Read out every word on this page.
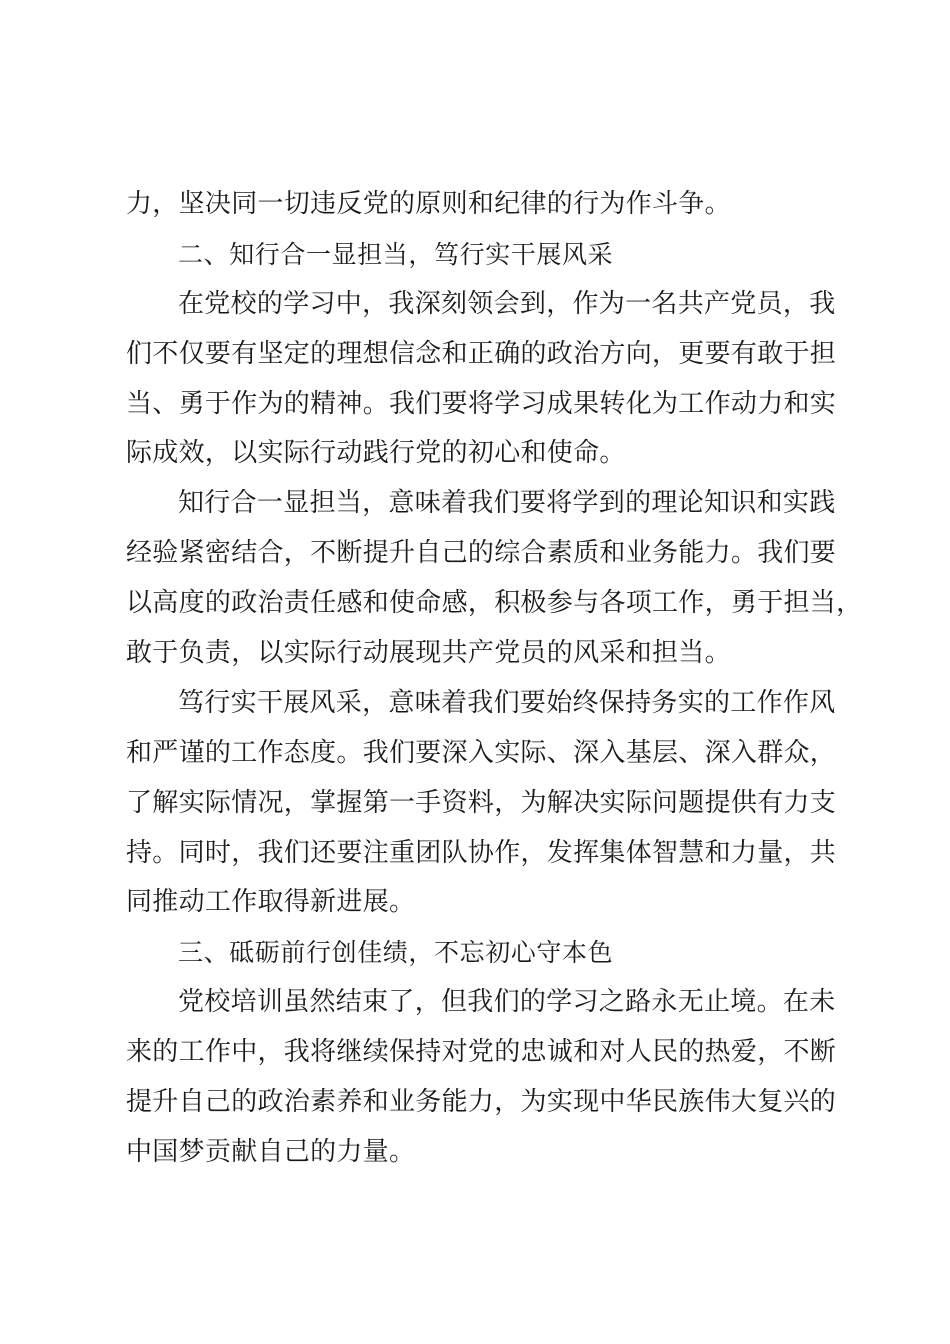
力，坚决同一切违反党的原则和纪律的行为作斗争。
二、知行合一显担当，笃行实干展风采
在党校的学习中，我深刻领会到，作为一名共产党员，我
们不仅要有坚定的理想信念和正确的政治方向，更要有敢于担
当、勇于作为的精神。我们要将学习成果转化为工作动力和实
际成效，以实际行动践行党的初心和使命。
知行合一显担当，意味着我们要将学到的理论知识和实践
经验紧密结合，不断提升自己的综合素质和业务能力。我们要
以高度的政治责任感和使命感，积极参与各项工作，勇于担当，
敢于负责，以实际行动展现共产党员的风采和担当。
笃行实干展风采，意味着我们要始终保持务实的工作作风
和严谨的工作态度。我们要深入实际、深入基层、深入群众，
了解实际情况，掌握第一手资料，为解决实际问题提供有力支
持。同时，我们还要注重团队协作，发挥集体智慧和力量，共
同推动工作取得新进展。
三、砥砺前行创佳绩，不忘初心守本色
党校培训虽然结束了，但我们的学习之路永无止境。在未
来的工作中，我将继续保持对党的忠诚和对人民的热爱，不断
提升自己的政治素养和业务能力，为实现中华民族伟大复兴的
中国梦贡献自己的力量。
